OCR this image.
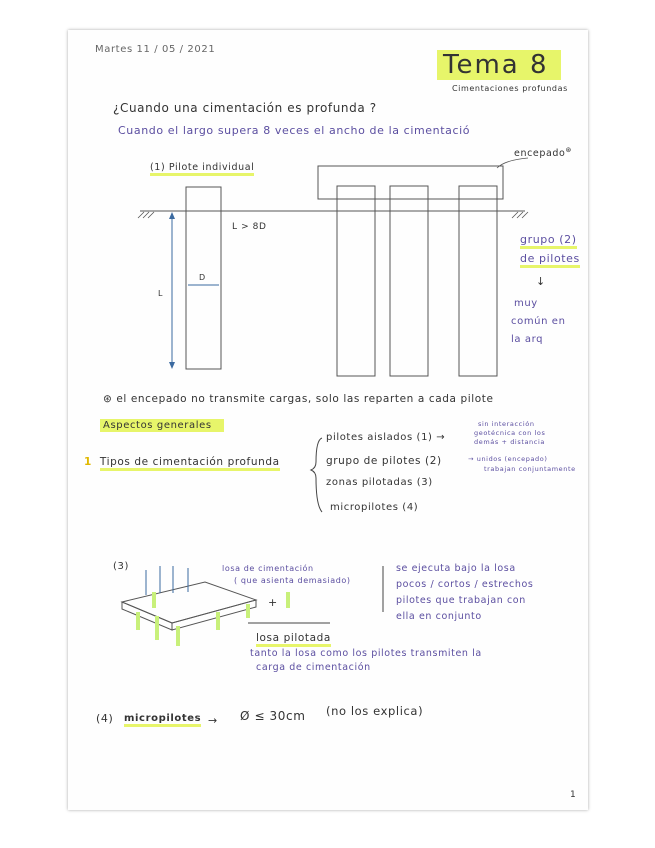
Martes 11 / 05 / 2021
Tema 8
Cimentaciones profundas
¿Cuando una cimentación es profunda ?
Cuando el largo supera 8 veces el ancho de la cimentació
(1) Pilote individual
encepado⊛
L > 8D
D
L
grupo (2)
de pilotes
↓
muy
común en
la arq
⊛ el encepado no transmite cargas, solo las reparten a cada pilote
Aspectos generales
1 Tipos de cimentación profunda
pilotes aislados (1) →
grupo de pilotes (2)
zonas pilotadas (3)
micropilotes (4)
sin interacción
geotécnica con los
demás + distancia
→ unidos (encepado)
trabajan conjuntamente
(3)	losa de cimentación
( que asienta demasiado)
+
losa pilotada
tanto la losa como los pilotes transmiten la
carga de cimentación
se ejecuta bajo la losa
pocos / cortos / estrechos
pilotes que trabajan con
ella en conjunto
(4) micropilotes → Ø ≤ 30cm (no los explica)
1
